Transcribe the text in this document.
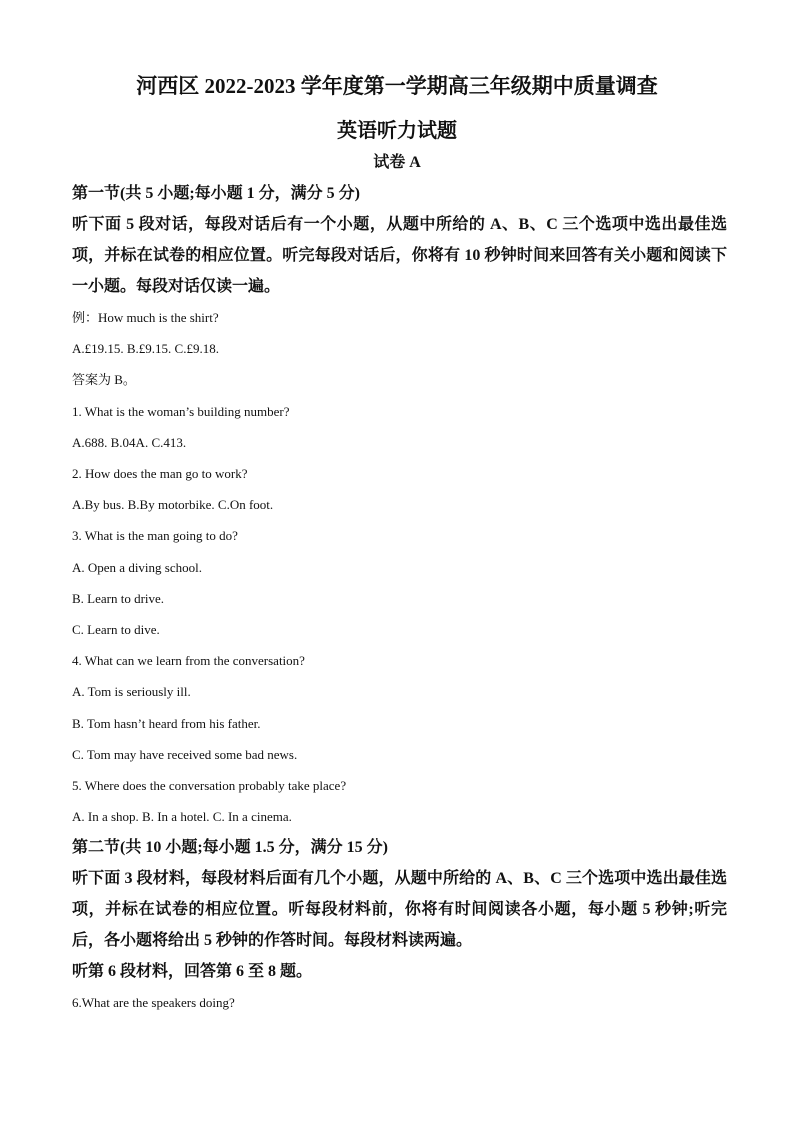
河西区 2022-2023 学年度第一学期高三年级期中质量调查
英语听力试题
试卷 A
第一节(共 5 小题;每小题 1 分，满分 5 分)
听下面 5 段对话，每段对话后有一个小题，从题中所给的 A、B、C 三个选项中选出最佳选项，并标在试卷的相应位置。听完每段对话后，你将有 10 秒钟时间来回答有关小题和阅读下一小题。每段对话仅读一遍。
例：How much is the shirt?
A.£19.15. B.£9.15. C.£9.18.
答案为 B。
1. What is the woman’s building number?
A.688. B.04A. C.413.
2. How does the man go to work?
A.By bus. B.By motorbike. C.On foot.
3. What is the man going to do?
A. Open a diving school.
B. Learn to drive.
C. Learn to dive.
4. What can we learn from the conversation?
A. Tom is seriously ill.
B. Tom hasn’t heard from his father.
C. Tom may have received some bad news.
5. Where does the conversation probably take place?
A. In a shop. B. In a hotel. C. In a cinema.
第二节(共 10 小题;每小题 1.5 分，满分 15 分)
听下面 3 段材料，每段材料后面有几个小题，从题中所给的 A、B、C 三个选项中选出最佳选项，并标在试卷的相应位置。听每段材料前，你将有时间阅读各小题，每小题 5 秒钟;听完后，各小题将给出 5 秒钟的作答时间。每段材料读两遍。
听第 6 段材料，回答第 6 至 8 题。
6.What are the speakers doing?
